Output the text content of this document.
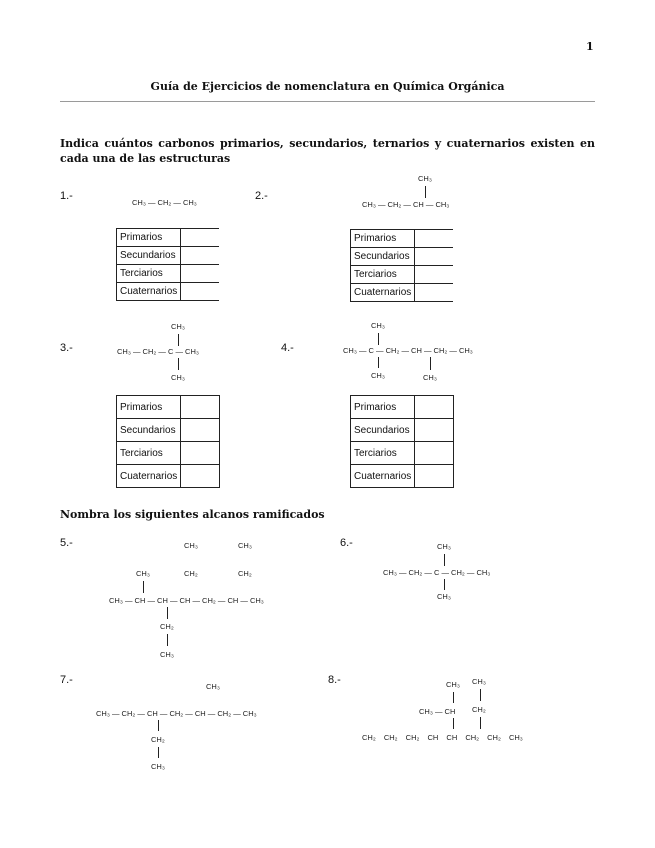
1
Guía de Ejercicios de nomenclatura en Química Orgánica
Indica cuántos carbonos primarios, secundarios, ternarios y cuaternarios existen en cada una de las estructuras
1.-
CH₃ — CH₂ — CH₃
Primarios	
Secundarios	
Terciarios	
Cuaternarios	
2.-
CH₃
CH₃ — CH₂ — CH — CH₃
Primarios	
Secundarios	
Terciarios	
Cuaternarios	
3.-
CH₃
CH₃ — CH₂ — C — CH₃
CH₃
Primarios	
Secundarios	
Terciarios	
Cuaternarios	
4.-
CH₃
CH₃ — C — CH₂ — CH — CH₂ — CH₃
CH₃	CH₃
Primarios	
Secundarios	
Terciarios	
Cuaternarios	
Nombra los siguientes alcanos ramificados
5.-	CH₃	CH₃
CH₃	CH₂	CH₂
CH₃ — CH — CH — CH — CH₂ — CH — CH₃
CH₂
CH₃
6.-	CH₃
CH₃ — CH₂ — C — CH₂ — CH₃
CH₃
7.-
CH₃
CH₃ — CH₂ — CH — CH₂ — CH — CH₂ — CH₃
CH₂
CH₃
8.-	CH₃ CH₃
CH₃ — CH CH₂
CH₂ CH₂ CH₂ CH CH CH₂ CH₂ CH₃
